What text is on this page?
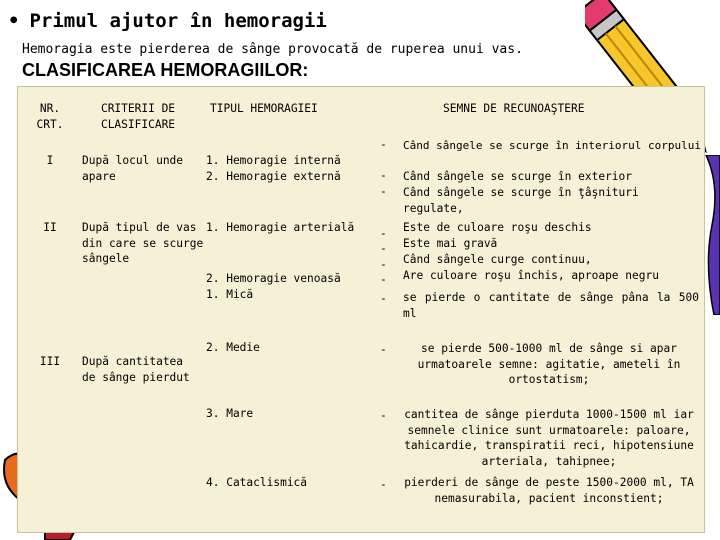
• Primul ajutor în hemoragii
Hemoragia este pierderea de sânge provocată de ruperea unui vas.
CLASIFICAREA HEMORAGIILOR:
NR. CRT.
CRITERII DE CLASIFICARE
TIPUL HEMORAGIEI	SEMNE DE RECUNOAŞTERE
I
II
III
După locul unde apare
După tipul de vas din care se scurge sângele
După cantitatea de sânge pierdut
1. Hemoragie internă
2. Hemoragie externă
1. Hemoragie arterială
2. Hemoragie venoasă
1. Mică
2. Medie
3. Mare
4. Cataclismică
-
-
-
-
-
-
-
-
-
-
-
Când sângele se scurge în interiorul corpului
Când sângele se scurge în exterior
Când sângele se scurge în ţâşnituri regulate,
Este de culoare roşu deschis
Este mai gravă
Când sângele curge continuu,
Are culoare roşu închis, aproape negru
se pierde o cantitate de sânge pâna la 500 ml
se pierde 500-1000 ml de sânge si apar urmatoarele semne: agitatie, ameteli în ortostatism;
cantitea de sânge pierduta 1000-1500 ml iar semnele clinice sunt urmatoarele: paloare, tahicardie, transpiratii reci, hipotensiune arteriala, tahipnee;
pierderi de sânge de peste 1500-2000 ml, TA nemasurabila, pacient inconstient;
